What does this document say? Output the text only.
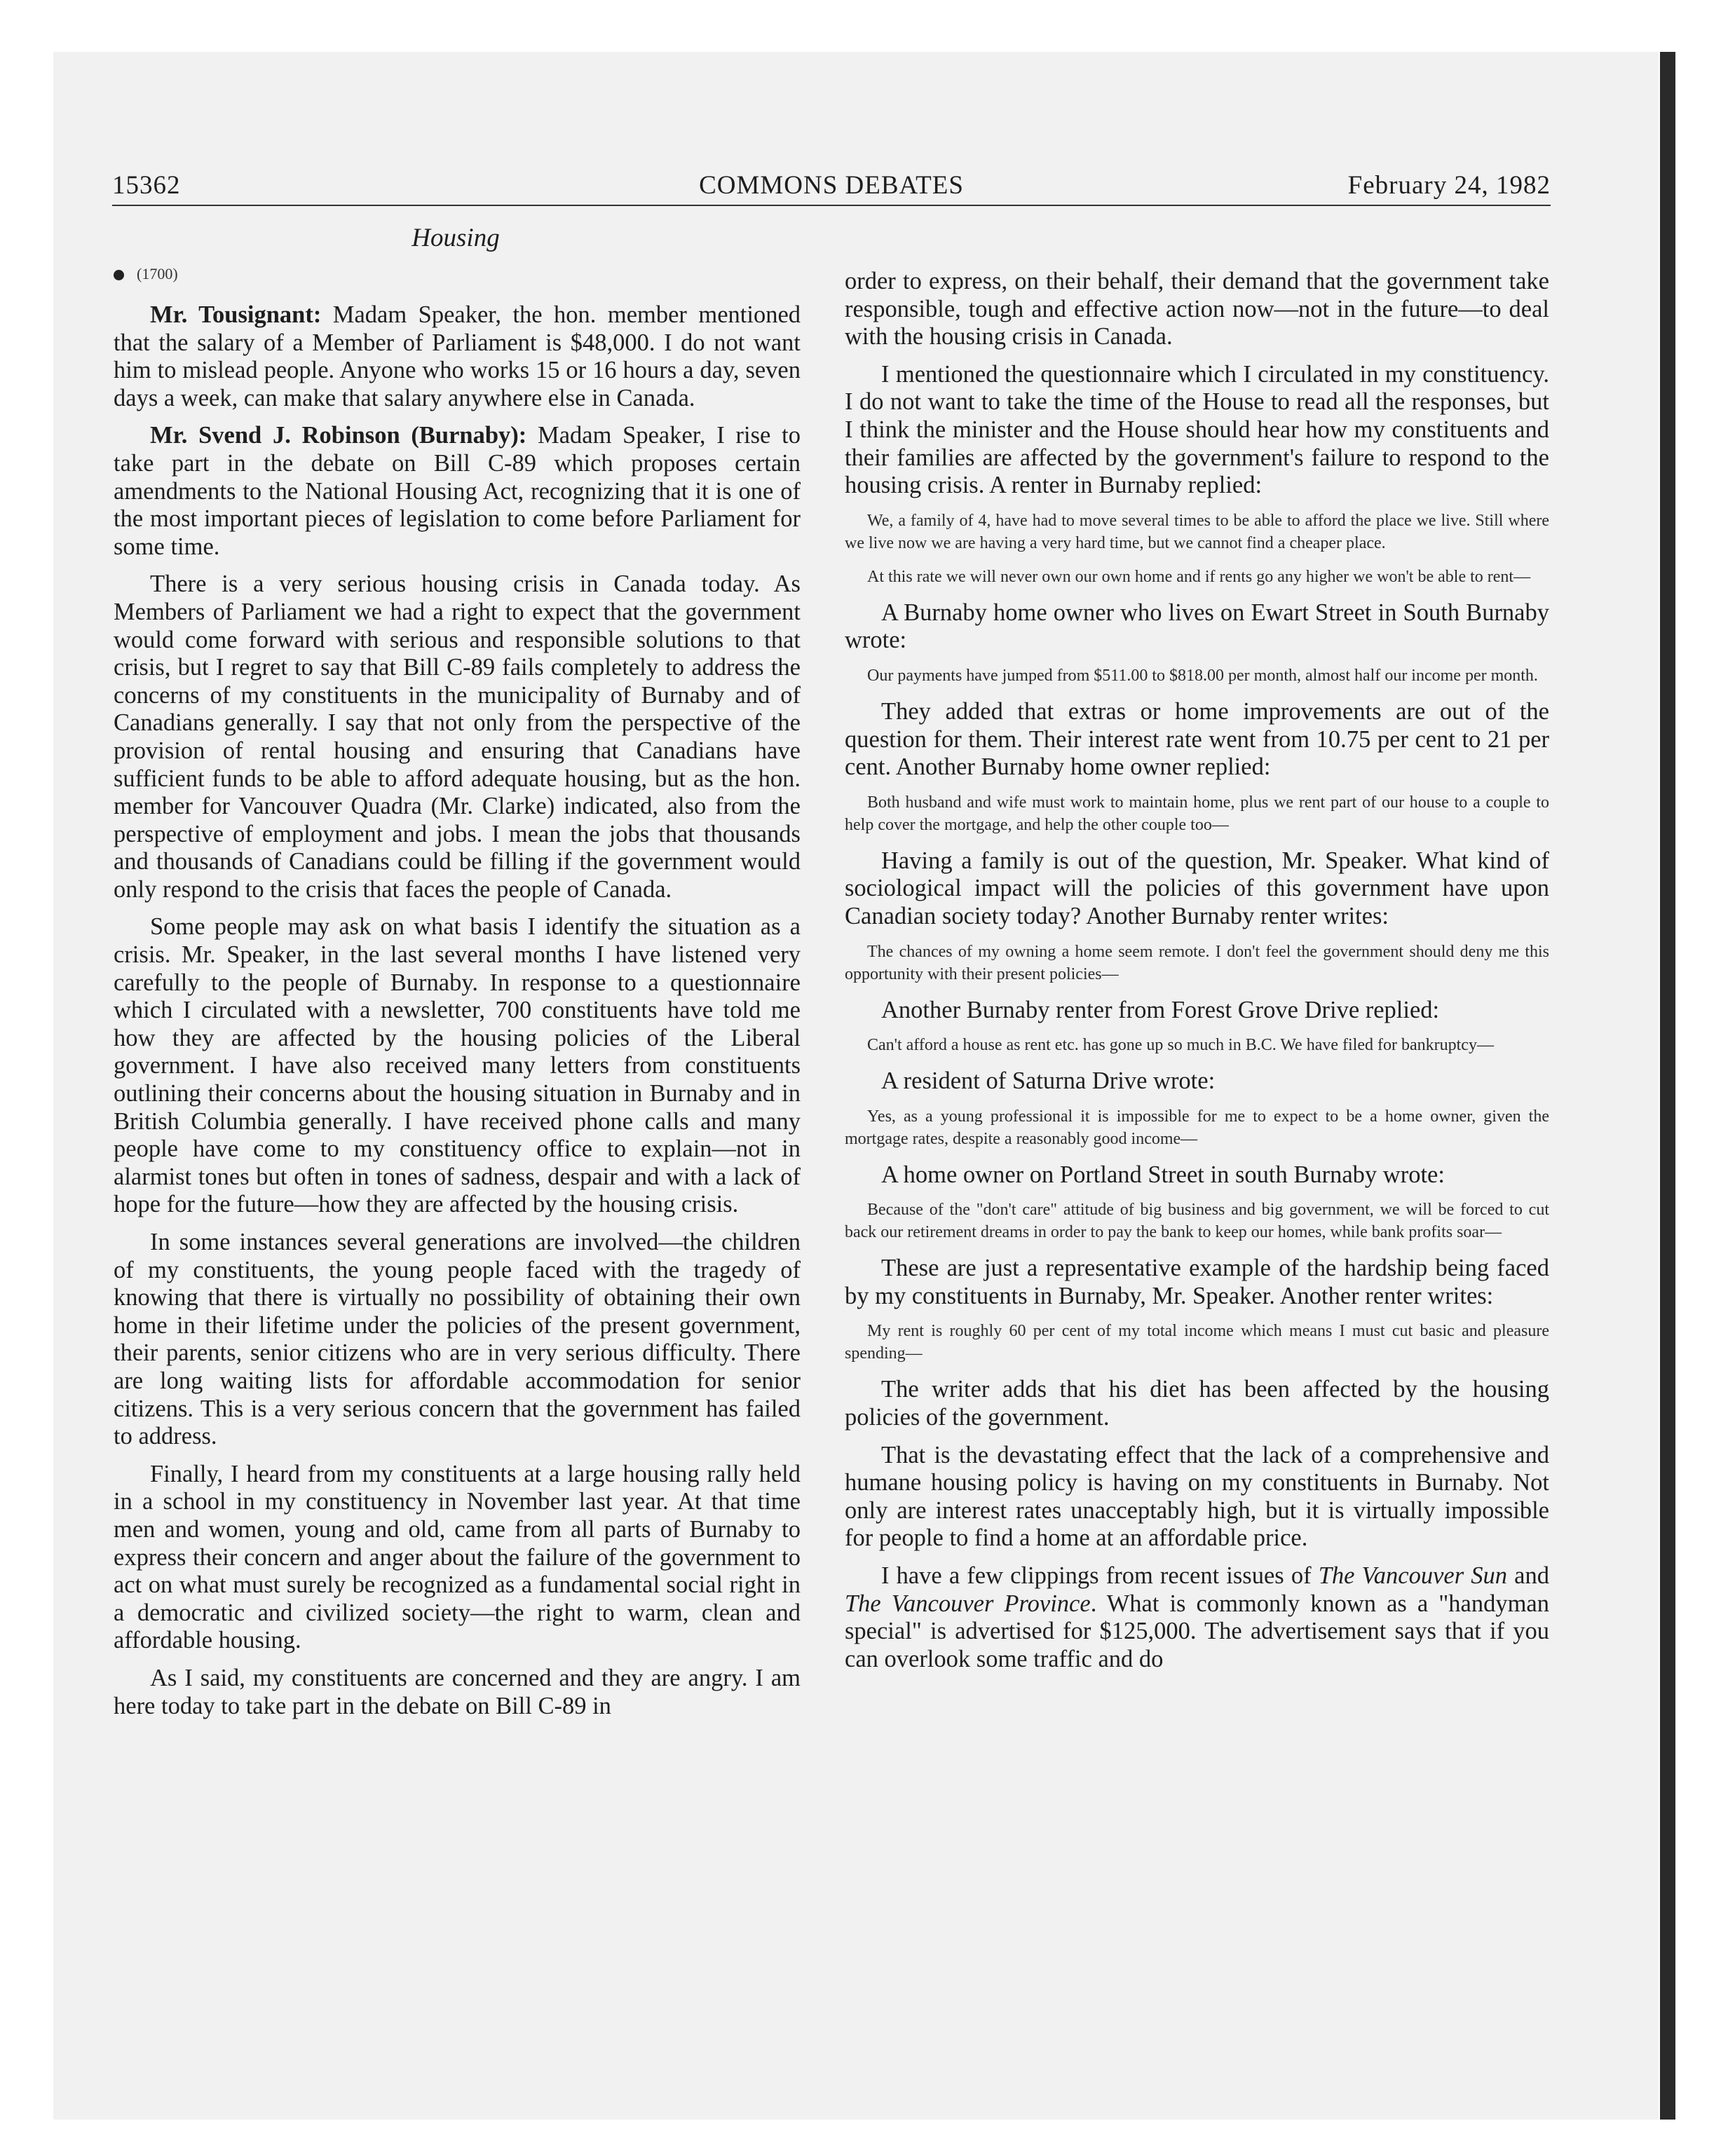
15362	COMMONS DEBATES	February 24, 1982
Housing
(1700)

Mr. Tousignant: Madam Speaker, the hon. member mentioned that the salary of a Member of Parliament is $48,000. I do not want him to mislead people. Anyone who works 15 or 16 hours a day, seven days a week, can make that salary anywhere else in Canada.

Mr. Svend J. Robinson (Burnaby): Madam Speaker, I rise to take part in the debate on Bill C-89 which proposes certain amendments to the National Housing Act, recognizing that it is one of the most important pieces of legislation to come before Parliament for some time.

There is a very serious housing crisis in Canada today. As Members of Parliament we had a right to expect that the government would come forward with serious and responsible solutions to that crisis, but I regret to say that Bill C-89 fails completely to address the concerns of my constituents in the municipality of Burnaby and of Canadians generally. I say that not only from the perspective of the provision of rental housing and ensuring that Canadians have sufficient funds to be able to afford adequate housing, but as the hon. member for Vancouver Quadra (Mr. Clarke) indicated, also from the perspective of employment and jobs. I mean the jobs that thousands and thousands of Canadians could be filling if the government would only respond to the crisis that faces the people of Canada.

Some people may ask on what basis I identify the situation as a crisis. Mr. Speaker, in the last several months I have listened very carefully to the people of Burnaby. In response to a questionnaire which I circulated with a newsletter, 700 constituents have told me how they are affected by the housing policies of the Liberal government. I have also received many letters from constituents outlining their concerns about the housing situation in Burnaby and in British Columbia generally. I have received phone calls and many people have come to my constituency office to explain—not in alarmist tones but often in tones of sadness, despair and with a lack of hope for the future—how they are affected by the housing crisis.

In some instances several generations are involved—the children of my constituents, the young people faced with the tragedy of knowing that there is virtually no possibility of obtaining their own home in their lifetime under the policies of the present government, their parents, senior citizens who are in very serious difficulty. There are long waiting lists for affordable accommodation for senior citizens. This is a very serious concern that the government has failed to address.

Finally, I heard from my constituents at a large housing rally held in a school in my constituency in November last year. At that time men and women, young and old, came from all parts of Burnaby to express their concern and anger about the failure of the government to act on what must surely be recognized as a fundamental social right in a democratic and civilized society—the right to warm, clean and affordable housing.

As I said, my constituents are concerned and they are angry. I am here today to take part in the debate on Bill C-89 in

order to express, on their behalf, their demand that the government take responsible, tough and effective action now—not in the future—to deal with the housing crisis in Canada.

I mentioned the questionnaire which I circulated in my constituency. I do not want to take the time of the House to read all the responses, but I think the minister and the House should hear how my constituents and their families are affected by the government's failure to respond to the housing crisis. A renter in Burnaby replied:

We, a family of 4, have had to move several times to be able to afford the place we live. Still where we live now we are having a very hard time, but we cannot find a cheaper place.
At this rate we will never own our own home and if rents go any higher we won't be able to rent—

A Burnaby home owner who lives on Ewart Street in South Burnaby wrote:

Our payments have jumped from $511.00 to $818.00 per month, almost half our income per month.

They added that extras or home improvements are out of the question for them. Their interest rate went from 10.75 per cent to 21 per cent. Another Burnaby home owner replied:

Both husband and wife must work to maintain home, plus we rent part of our house to a couple to help cover the mortgage, and help the other couple too—

Having a family is out of the question, Mr. Speaker. What kind of sociological impact will the policies of this government have upon Canadian society today? Another Burnaby renter writes:

The chances of my owning a home seem remote. I don't feel the government should deny me this opportunity with their present policies—

Another Burnaby renter from Forest Grove Drive replied:

Can't afford a house as rent etc. has gone up so much in B.C. We have filed for bankruptcy—

A resident of Saturna Drive wrote:

Yes, as a young professional it is impossible for me to expect to be a home owner, given the mortgage rates, despite a reasonably good income—

A home owner on Portland Street in south Burnaby wrote:

Because of the "don't care" attitude of big business and big government, we will be forced to cut back our retirement dreams in order to pay the bank to keep our homes, while bank profits soar—

These are just a representative example of the hardship being faced by my constituents in Burnaby, Mr. Speaker. Another renter writes:

My rent is roughly 60 per cent of my total income which means I must cut basic and pleasure spending—

The writer adds that his diet has been affected by the housing policies of the government.

That is the devastating effect that the lack of a comprehensive and humane housing policy is having on my constituents in Burnaby. Not only are interest rates unacceptably high, but it is virtually impossible for people to find a home at an affordable price.

I have a few clippings from recent issues of The Vancouver Sun and The Vancouver Province. What is commonly known as a "handyman special" is advertised for $125,000. The advertisement says that if you can overlook some traffic and do
